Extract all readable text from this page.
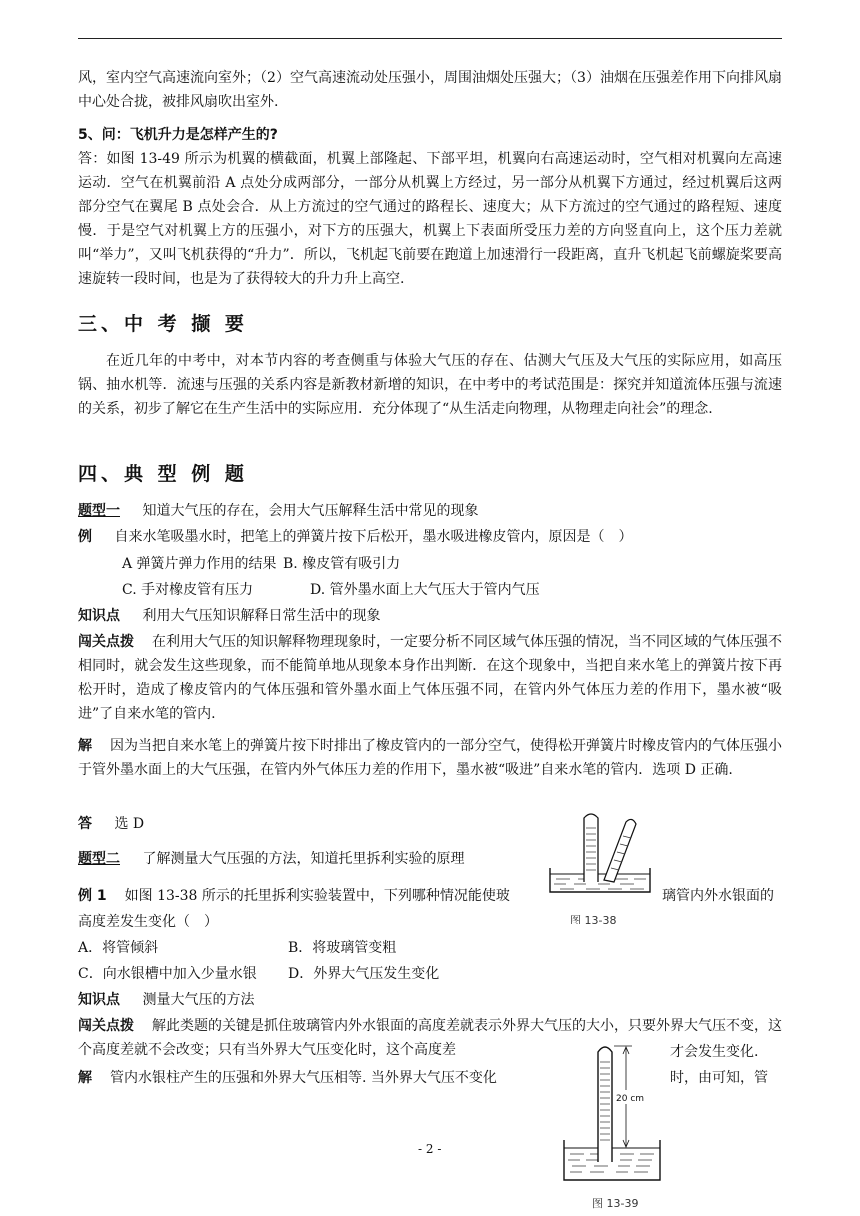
风，室内空气高速流向室外；（2）空气高速流动处压强小，周围油烟处压强大；（3）油烟在压强差作用下向排风扇中心处合拢，被排风扇吹出室外.

5、问：飞机升力是怎样产生的?

答：如图 13-49 所示为机翼的横截面，机翼上部隆起、下部平坦，机翼向右高速运动时，空气相对机翼向左高速运动．空气在机翼前沿 A 点处分成两部分，一部分从机翼上方经过，另一部分从机翼下方通过，经过机翼后这两部分空气在翼尾 B 点处会合．从上方流过的空气通过的路程长、速度大；从下方流过的空气通过的路程短、速度慢．于是空气对机翼上方的压强小，对下方的压强大，机翼上下表面所受压力差的方向竖直向上，这个压力差就叫“举力”，又叫飞机获得的“升力”．所以，飞机起飞前要在跑道上加速滑行一段距离，直升飞机起飞前螺旋桨要高速旋转一段时间，也是为了获得较大的升力升上高空.

三、中 考 撷 要

在近几年的中考中，对本节内容的考查侧重与体验大气压的存在、估测大气压及大气压的实际应用，如高压锅、抽水机等．流速与压强的关系内容是新教材新增的知识，在中考中的考试范围是：探究并知道流体压强与流速的关系，初步了解它在生产生活中的实际应用．充分体现了“从生活走向物理，从物理走向社会”的理念.

四、典 型 例 题
题型一 知道大气压的存在，会用大气压解释生活中常见的现象
例 自来水笔吸墨水时，把笔上的弹簧片按下后松开，墨水吸进橡皮管内，原因是（　）
A 弹簧片弹力作用的结果 B. 橡皮管有吸引力
C. 手对橡皮管有压力	D. 管外墨水面上大气压大于管内气压
知识点 利用大气压知识解释日常生活中的现象

闯关点拨 在利用大气压的知识解释物理现象时，一定要分析不同区域气体压强的情况，当不同区域的气体压强不相同时，就会发生这些现象，而不能简单地从现象本身作出判断．在这个现象中，当把自来水笔上的弹簧片按下再松开时，造成了橡皮管内的气体压强和管外墨水面上气体压强不同，在管内外气体压力差的作用下，墨水被“吸进”了自来水笔的管内.

解 因为当把自来水笔上的弹簧片按下时排出了橡皮管内的一部分空气，使得松开弹簧片时橡皮管内的气体压强小于管外墨水面上的大气压强，在管内外气体压力差的作用下，墨水被“吸进”自来水笔的管内．选项 D 正确.

答 选 D
题型二 了解测量大气压强的方法，知道托里拆利实验的原理
例 1 如图 13-38 所示的托里拆利实验装置中，下列哪种情况能使玻	璃管内外水银面的
高度差发生变化（　）
A．将管倾斜	B．将玻璃管变粗
C．向水银槽中加入少量水银 D．外界大气压发生变化
知识点 测量大气压的方法

闯关点拨 解此类题的关键是抓住玻璃管内外水银面的高度差就表示外界大气压的大小，只要外界大气压不变，这个高度差就不会改变；只有当外界大气压变化时，这个高度差	才会发生变化.
解 管内水银柱产生的压强和外界大气压相等. 当外界大气压不变化	时，由可知，管
图 13-38
20 cm
图 13-39
- 2 -
